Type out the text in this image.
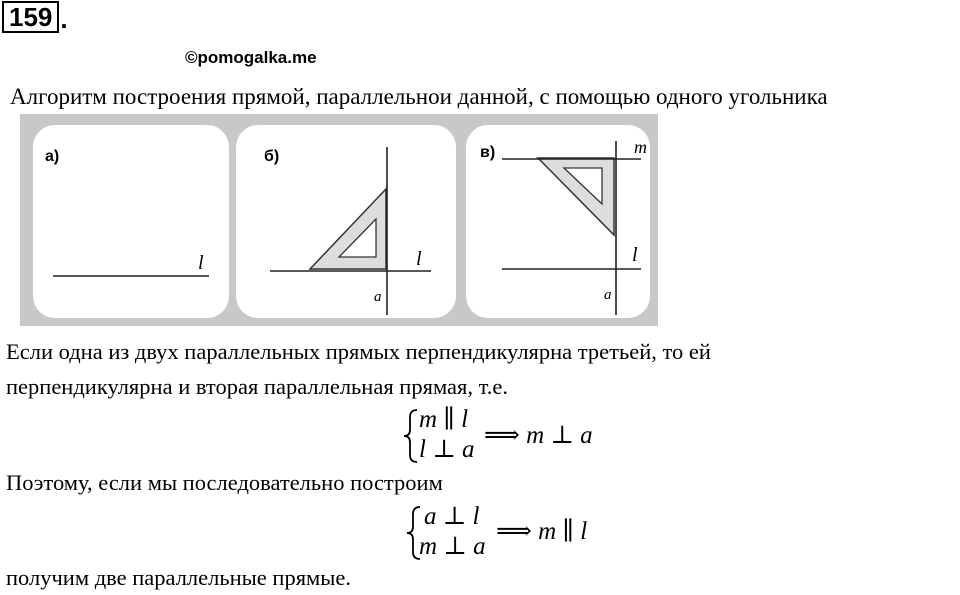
159 .
©pomogalka.me
Алгоритм построения прямой, параллельнои данной, с помощью одного угольника
а)
l
б)
l
a
в)	m
l
a
Если одна из двух параллельных прямых перпендикулярна третьей, то ей
перпендикулярна и вторая параллельная прямая, т.е.
m ∥ l
l ⊥ a
⟹ m ⊥ a
Поэтому, если мы последовательно построим
a ⊥ l
m ⊥ a
⟹ m ∥ l
получим две параллельные прямые.
